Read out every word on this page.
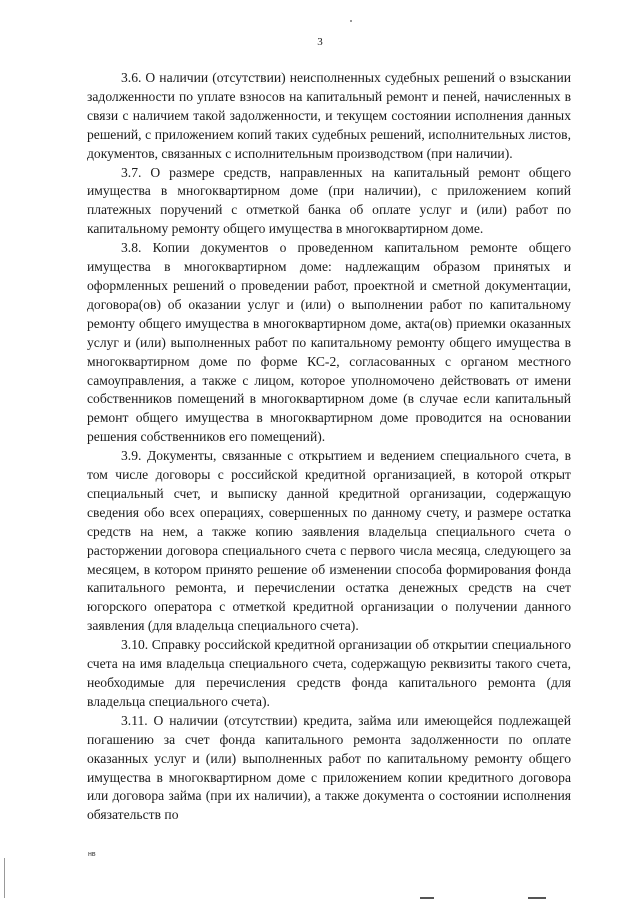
3

3.6. О наличии (отсутствии) неисполненных судебных решений о взыскании задолженности по уплате взносов на капитальный ремонт и пеней, начисленных в связи с наличием такой задолженности, и текущем состоянии исполнения данных решений, с приложением копий таких судебных решений, исполнительных листов, документов, связанных с исполнительным производством (при наличии).

3.7. О размере средств, направленных на капитальный ремонт общего имущества в многоквартирном доме (при наличии), с приложением копий платежных поручений с отметкой банка об оплате услуг и (или) работ по капитальному ремонту общего имущества в многоквартирном доме.

3.8. Копии документов о проведенном капитальном ремонте общего имущества в многоквартирном доме: надлежащим образом принятых и оформленных решений о проведении работ, проектной и сметной документации, договора(ов) об оказании услуг и (или) о выполнении работ по капитальному ремонту общего имущества в многоквартирном доме, акта(ов) приемки оказанных услуг и (или) выполненных работ по капитальному ремонту общего имущества в многоквартирном доме по форме КС-2, согласованных с органом местного самоуправления, а также с лицом, которое уполномочено действовать от имени собственников помещений в многоквартирном доме (в случае если капитальный ремонт общего имущества в многоквартирном доме проводится на основании решения собственников его помещений).

3.9. Документы, связанные с открытием и ведением специального счета, в том числе договоры с российской кредитной организацией, в которой открыт специальный счет, и выписку данной кредитной организации, содержащую сведения обо всех операциях, совершенных по данному счету, и размере остатка средств на нем, а также копию заявления владельца специального счета о расторжении договора специального счета с первого числа месяца, следующего за месяцем, в котором принято решение об изменении способа формирования фонда капитального ремонта, и перечислении остатка денежных средств на счет югорского оператора с отметкой кредитной организации о получении данного заявления (для владельца специального счета).

3.10. Справку российской кредитной организации об открытии специального счета на имя владельца специального счета, содержащую реквизиты такого счета, необходимые для перечисления средств фонда капитального ремонта (для владельца специального счета).

3.11. О наличии (отсутствии) кредита, займа или имеющейся подлежащей погашению за счет фонда капитального ремонта задолженности по оплате оказанных услуг и (или) выполненных работ по капитальному ремонту общего имущества в многоквартирном доме с приложением копии кредитного договора или договора займа (при их наличии), а также документа о состоянии исполнения обязательств по

нв
